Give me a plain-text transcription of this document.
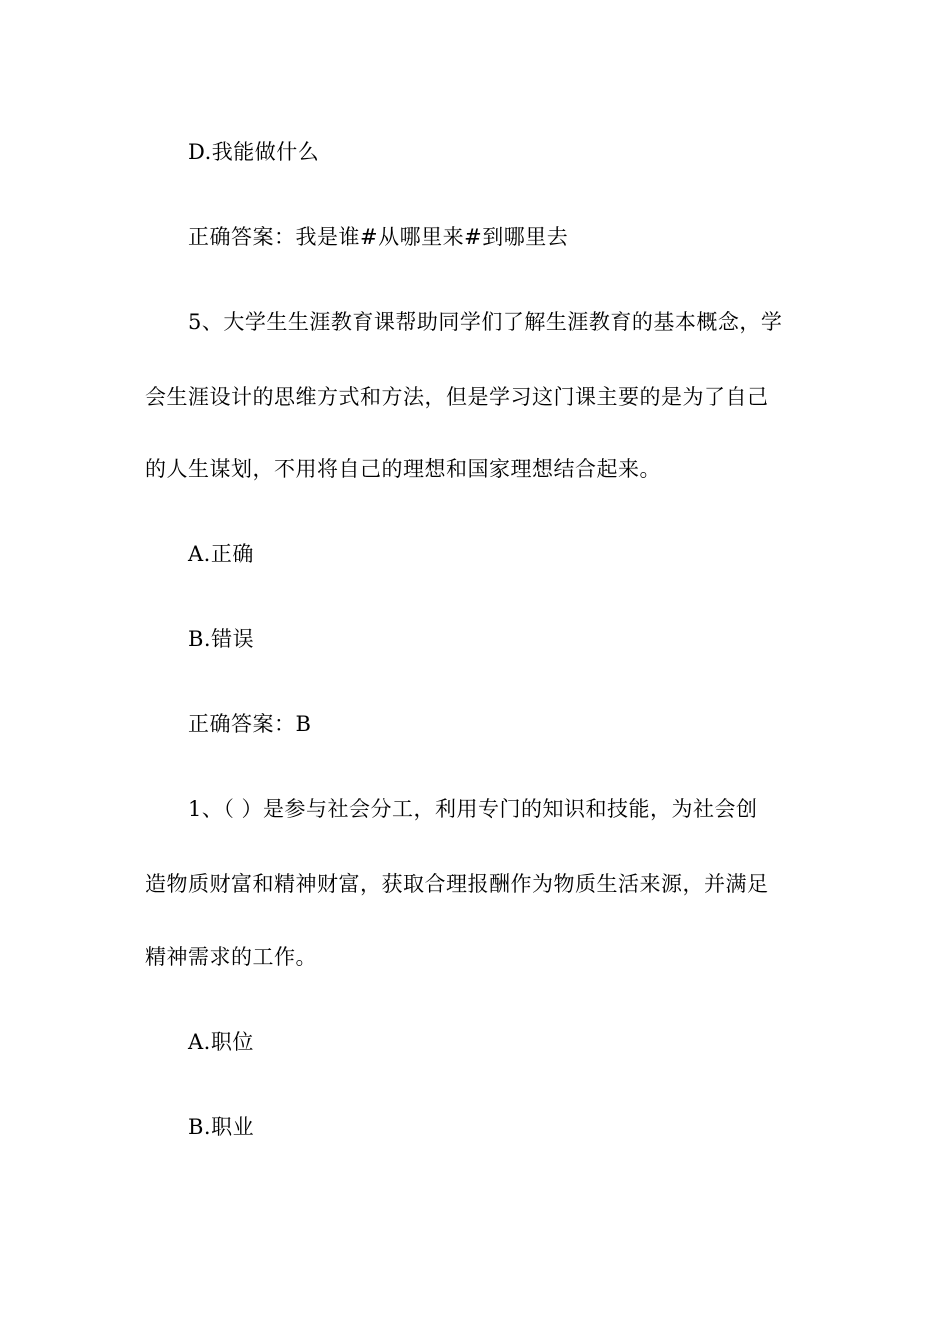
D.我能做什么
正确答案：我是谁#从哪里来#到哪里去
5、大学生生涯教育课帮助同学们了解生涯教育的基本概念，学
会生涯设计的思维方式和方法，但是学习这门课主要的是为了自己
的人生谋划，不用将自己的理想和国家理想结合起来。
A.正确
B.错误
正确答案：B
1、（ ）是参与社会分工，利用专门的知识和技能，为社会创
造物质财富和精神财富，获取合理报酬作为物质生活来源，并满足
精神需求的工作。
A.职位
B.职业
